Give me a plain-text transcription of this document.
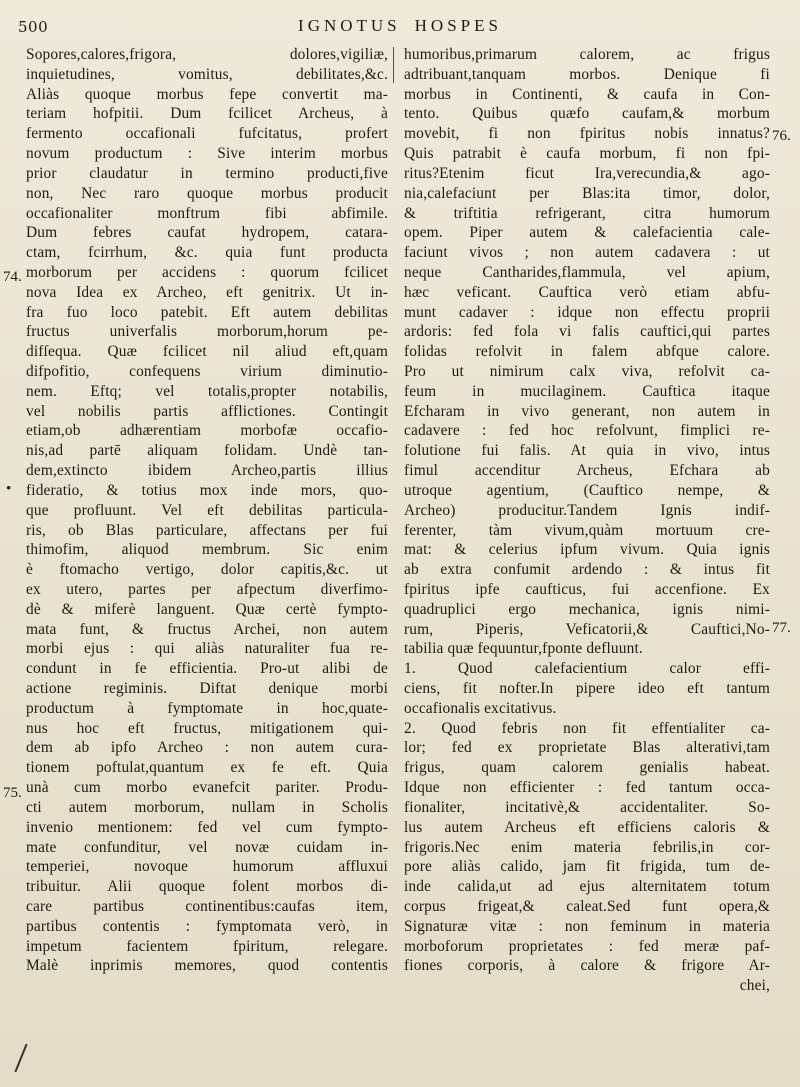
500	IGNOTUS HOSPES
Sopores,calores,frigora, dolores,vigiliæ,
inquietudines, vomitus, debilitates,&c.
Aliàs quoque morbus fepe convertit ma-
teriam hofpitii. Dum fcilicet Archeus, à
fermento occafionali fufcitatus, profert
novum productum : Sive interim morbus
prior claudatur in termino producti,five
non, Nec raro quoque morbus producit
occafionaliter monftrum fibi abfimile.
Dum febres caufat hydropem, catara-
ctam, fcirrhum, &c. quia funt producta
morborum per accidens : quorum fcilicet
nova Idea ex Archeo, eft genitrix. Ut in-
fra fuo loco patebit. Eft autem debilitas
fructus univerfalis morborum,horum pe-
difſequa. Quæ fcilicet nil aliud eft,quam
difpofitio, confequens virium diminutio-
nem. Eftq; vel totalis,propter notabilis,
vel nobilis partis afflictiones. Contingit
etiam,ob adhærentiam morbofæ occafio-
nis,ad partē aliquam folidam. Undè tan-
dem,extincto ibidem Archeo,partis illius
fideratio, & totius mox inde mors, quo-
que profluunt. Vel eft debilitas particula-
ris, ob Blas particulare, affectans per fui
thimofim, aliquod membrum. Sic enim
è ftomacho vertigo, dolor capitis,&c. ut
ex utero, partes per afpectum diverfimo-
dè & miferè languent. Quæ certè fympto-
mata funt, & fructus Archei, non autem
morbi ejus : qui aliàs naturaliter fua re-
condunt in fe efficientia. Pro-ut alibi de
actione regiminis. Diftat denique morbi
productum à fymptomate in hoc,quate-
nus hoc eft fructus, mitigationem qui-
dem ab ipfo Archeo : non autem cura-
tionem poftulat,quantum ex fe eft. Quia
unà cum morbo evanefcit pariter. Produ-
cti autem morborum, nullam in Scholis
invenio mentionem: fed vel cum fympto-
mate confunditur, vel novæ cuidam in-
temperiei, novoque humorum affluxui
tribuitur. Alii quoque folent morbos di-
care partibus continentibus:caufas item,
partibus contentis : fymptomata verò, in
impetum facientem fpiritum, relegare.
Malè inprimis memores, quod contentis
humoribus,primarum calorem, ac frigus
adtribuant,tanquam morbos. Denique fi
morbus in Continenti, & caufa in Con-
tento. Quibus quæfo caufam,& morbum
movebit, fi non fpiritus nobis innatus?
Quis patrabit è caufa morbum, fi non fpi-
ritus?Etenim ficut Ira,verecundia,& ago-
nia,calefaciunt per Blas:ita timor, dolor,
& triftitia refrigerant, citra humorum
opem. Piper autem & calefacientia cale-
faciunt vivos ; non autem cadavera : ut
neque Cantharides,flammula, vel apium,
hæc veficant. Cauftica verò etiam abfu-
munt cadaver : idque non effectu proprii
ardoris: fed fola vi falis cauftici,qui partes
folidas refolvit in falem abfque calore.
Pro ut nimirum calx viva, refolvit ca-
feum in mucilaginem. Cauftica itaque
Efcharam in vivo generant, non autem in
cadavere : fed hoc refolvunt, fimplici re-
folutione fui falis. At quia in vivo, intus
fimul accenditur Archeus, Efchara ab
utroque agentium, (Cauftico nempe, &
Archeo) producitur.Tandem Ignis indif-
ferenter, tàm vivum,quàm mortuum cre-
mat: & celerius ipfum vivum. Quia ignis
ab extra confumit ardendo : & intus fit
fpiritus ipfe caufticus, fui accenfione. Ex
quadruplici ergo mechanica, ignis nimi-
rum, Piperis, Veficatorii,& Cauftici,No-
tabilia quæ fequuntur,fponte defluunt.
1. Quod calefacientium calor effi-
ciens, fit nofter.In pipere ideo eft tantum
occafionalis excitativus.
2. Quod febris non fit effentialiter ca-
lor; fed ex proprietate Blas alterativi,tam
frigus, quam calorem genialis habeat.
Idque non efficienter : fed tantum occa-
fionaliter, incitativè,& accidentaliter. So-
lus autem Archeus eft efficiens caloris &
frigoris.Nec enim materia febrilis,in cor-
pore aliàs calido, jam fit frigida, tum de-
inde calida,ut ad ejus alternitatem totum
corpus frigeat,& caleat.Sed funt opera,&
Signaturæ vitæ : non feminum in materia
morboforum proprietates : fed meræ paf-
fiones corporis, à calore & frigore Ar-
chei,
74.
•
75.
76.
77.
